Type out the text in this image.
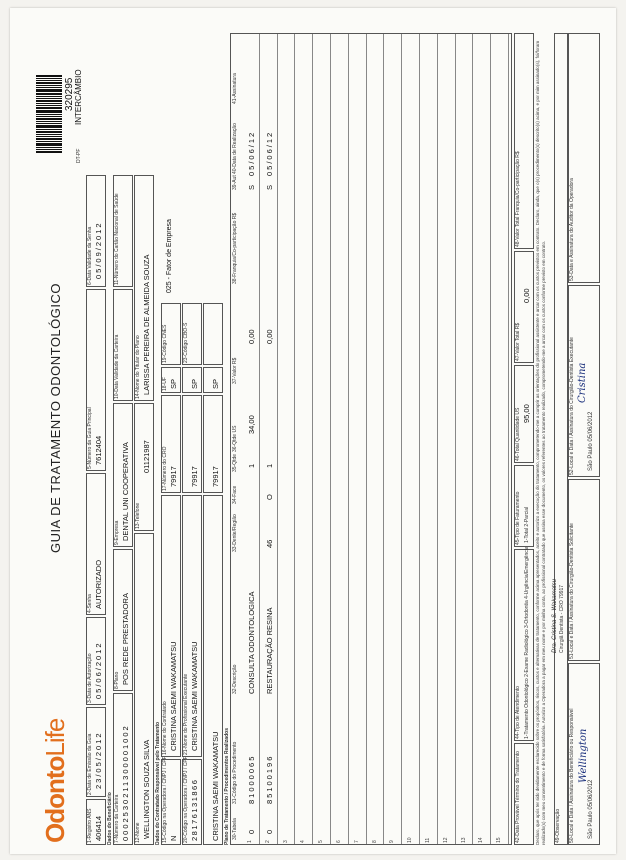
OdontoLife
GUIA DE TRATAMENTO ODONTOLÓGICO
320295 INTERCÂMBIO
DT-PF
1-Registro ANS 406414
2-Data de Emissão da Guia 23/05/2012
3-Data de Autorização 05/06/2012
4-Senha AUTORIZADO
5-Número da Guia Principal 7612404
6-Data Validade da Senha 05/09/2012
Dados do Beneficiário 7-Número da Carteira 0002530211300001002
8-Plano POS REDE PRESTADORA
9-Empresa DENTAL UNI COOPERATIVA
10-Data Validade da Carteira
11-Número do Cartão Nacional de Saúde
12-Nome WELLINGTON SOUZA SILVA
13-Telefone
01121987
14-Nome do Titular do Plano LARISSA PEREIRA DE ALMEIDA SOUZA
Dados do Contratado Responsável pelo Tratamento 15-Código na Operadora / CNPJ / CPF N
16-Nome do Contratado CRISTINA SAEMI WAKAMATSU
17-Número do CRO 79917
18-UF SP
19-Código CNES
025 - Fator de Empresa
20-Código na Operadora / CNPJ / CPF 28176131866
21-Nome do Profissional Executante CRISTINA SAEMI WAKAMATSU
79917
SP
23-Código CBO-S
CRISTINA SAEMI WAKAMATSU
79917
SP
Plano de Tratamento / Procedimentos Realizados 30-Tabela
31-Código do Procedimento
32-Descrição
33-Dente/Região
34-Face
35-Qtde
36-Qtde US
37-Valor R$
38-Franquia/Co-participação R$
39-Aut
40-Data de Realização
41-Assinatura
1
0
81000065
CONSULTA ODONTOLOGICA
1
34,00
0,00
S
05/06/12
2
0
85100196
RESTAURAÇÃO RESINA
46
O
1
0,00
S
05/06/12
3 4 5 6 7 8 9 10 11 12 13 14 15	42-Data Provável Término do Tratamento
44-Tipo de Atendimento 1-Tratamento Odontológico 2-Exame Radiológico 3-Ortodontia 4-Urgência/Emergência
45-Tipo de Faturamento 1-Total 2-Parcial
46-Total Quantidade US 95,00
47-Valor Total R$
0,00
48-Valor Total Franquia/Co-participação R$	Declaro, que após ter sido devidamente esclarecido sobre os propósitos, riscos, custos e alternativas de tratamento, conforme acima apresentados, aceito e autorizo a execução do tratamento, comprometendo-me a cumprir as orientações do profissional assistente e arcar com os custos previstos em contrato. Declaro, ainda, que o(s) procedimento(s) descrito(s) acima, e por mim assinado(s), foi/foram realizado(s) com meu consentimento e de forma satisfatória. Autorizo a Operadora a pagar em meu nome e por minha conta, ao profissional contratado que assina esse documento, os valores referentes ao tratamento realizado, comprometendo-me a arcar com os custos conforme previsto em contrato. 49-Observação 50-Local e Data / Assinatura do Beneficiário ou Responsável São Paulo 05/06/2012
Wellington
51-Local e Data / Assinatura do Cirurgião-Dentista Solicitante
52-Local e Data / Assinatura do Cirurgião-Dentista Executante São Paulo 05/06/2012
Cristina
Dra. Cristina S. Wakamatsu Cirurgiã Dentista - CRO 79917
53-Data e Assinatura do Auditor da Operadora
